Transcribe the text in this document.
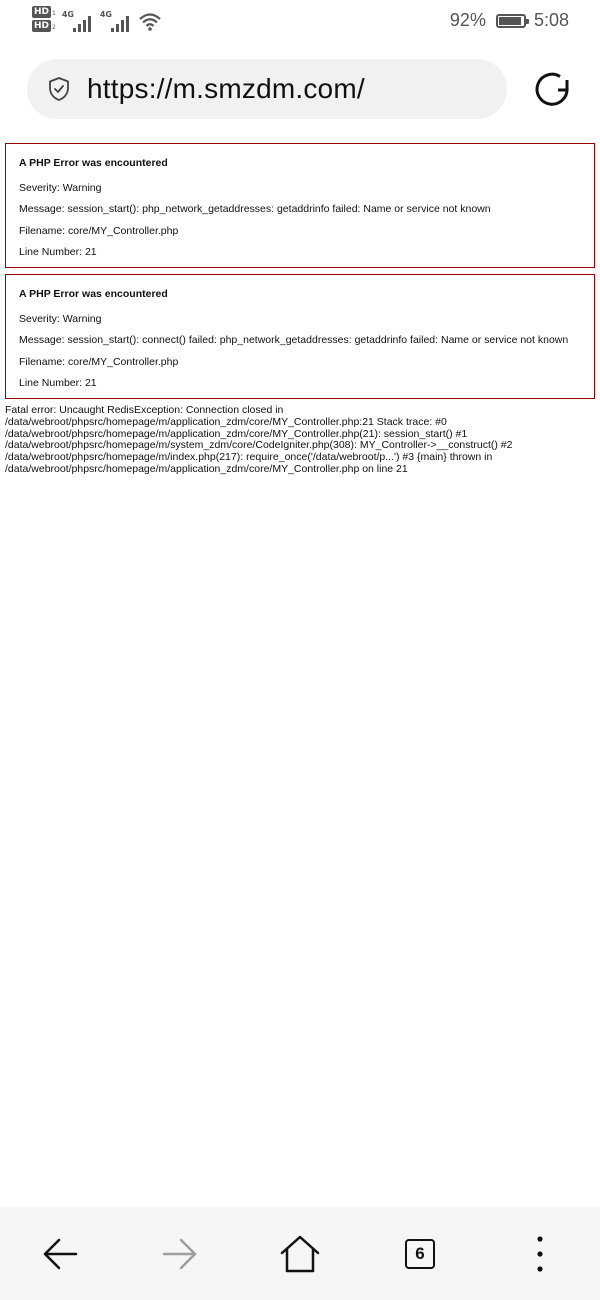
HD 1
HD 2
4G	4G	92%	5:08
https://m.smzdm.com/
A PHP Error was encountered

Severity: Warning

Message: session_start(): php_network_getaddresses: getaddrinfo failed: Name or service not known

Filename: core/MY_Controller.php

Line Number: 21

A PHP Error was encountered

Severity: Warning

Message: session_start(): connect() failed: php_network_getaddresses: getaddrinfo failed: Name or service not known

Filename: core/MY_Controller.php

Line Number: 21

Fatal error: Uncaught RedisException: Connection closed in
/data/webroot/phpsrc/homepage/m/application_zdm/core/MY_Controller.php:21 Stack trace: #0
/data/webroot/phpsrc/homepage/m/application_zdm/core/MY_Controller.php(21): session_start() #1
/data/webroot/phpsrc/homepage/m/system_zdm/core/CodeIgniter.php(308): MY_Controller->__construct() #2
/data/webroot/phpsrc/homepage/m/index.php(217): require_once('/data/webroot/p...') #3 {main} thrown in
/data/webroot/phpsrc/homepage/m/application_zdm/core/MY_Controller.php on line 21
6
